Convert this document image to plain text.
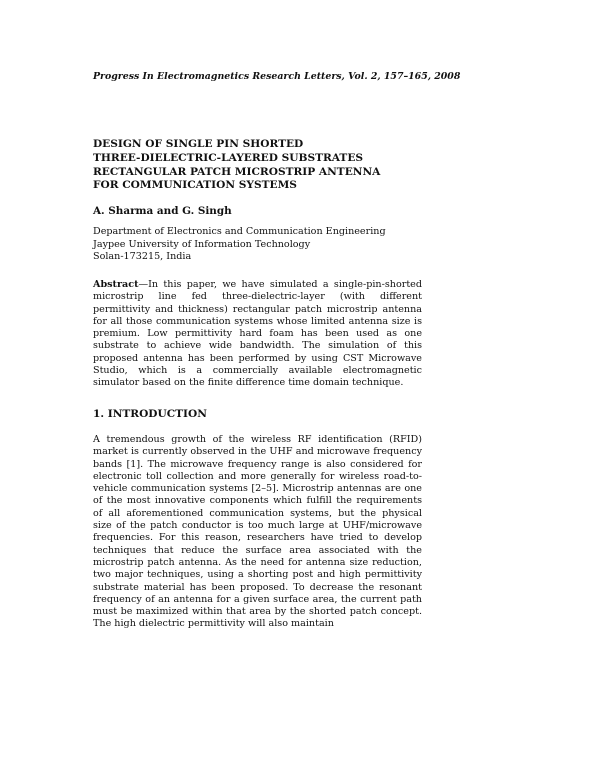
Progress In Electromagnetics Research Letters, Vol. 2, 157–165, 2008
DESIGN OF SINGLE PIN SHORTED
THREE-DIELECTRIC-LAYERED SUBSTRATES
RECTANGULAR PATCH MICROSTRIP ANTENNA
FOR COMMUNICATION SYSTEMS
A. Sharma and G. Singh
Department of Electronics and Communication Engineering
Jaypee University of Information Technology
Solan-173215, India

Abstract—In this paper, we have simulated a single-pin-shorted microstrip line fed three-dielectric-layer (with different permittivity and thickness) rectangular patch microstrip antenna for all those communication systems whose limited antenna size is premium. Low permittivity hard foam has been used as one substrate to achieve wide bandwidth. The simulation of this proposed antenna has been performed by using CST Microwave Studio, which is a commercially available electromagnetic simulator based on the finite difference time domain technique.

1. INTRODUCTION

A tremendous growth of the wireless RF identification (RFID) market is currently observed in the UHF and microwave frequency bands [1]. The microwave frequency range is also considered for electronic toll collection and more generally for wireless road-to-vehicle communication systems [2–5]. Microstrip antennas are one of the most innovative components which fulfill the requirements of all aforementioned communication systems, but the physical size of the patch conductor is too much large at UHF/microwave frequencies. For this reason, researchers have tried to develop techniques that reduce the surface area associated with the microstrip patch antenna. As the need for antenna size reduction, two major techniques, using a shorting post and high permittivity substrate material has been proposed. To decrease the resonant frequency of an antenna for a given surface area, the current path must be maximized within that area by the shorted patch concept. The high dielectric permittivity will also maintain
